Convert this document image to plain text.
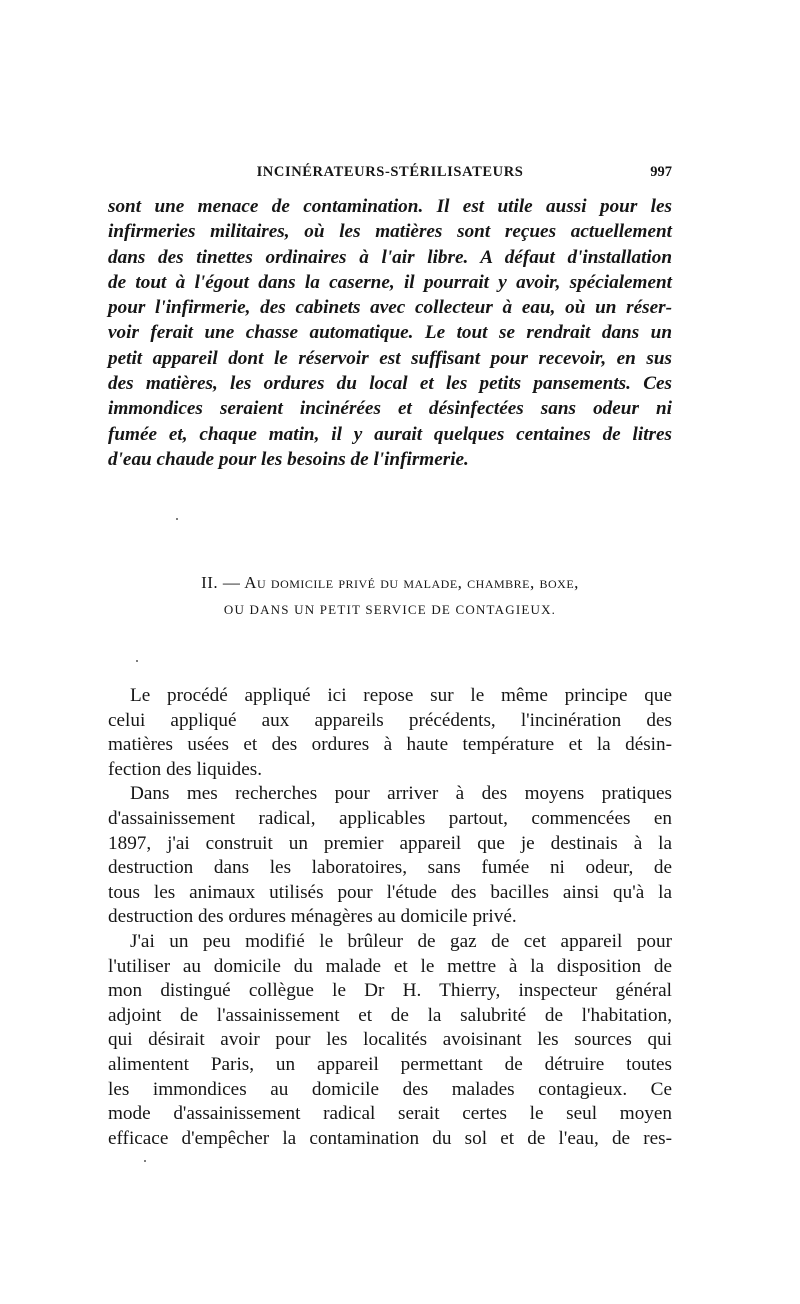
INCINÉRATEURS-STÉRILISATEURS	997

sont une menace de contamination. Il est utile aussi pour les
infirmeries militaires, où les matières sont reçues actuellement
dans des tinettes ordinaires à l'air libre. A défaut d'installation
de tout à l'égout dans la caserne, il pourrait y avoir, spécialement
pour l'infirmerie, des cabinets avec collecteur à eau, où un réser-
voir ferait une chasse automatique. Le tout se rendrait dans un
petit appareil dont le réservoir est suffisant pour recevoir, en sus
des matières, les ordures du local et les petits pansements. Ces
immondices seraient incinérées et désinfectées sans odeur ni
fumée et, chaque matin, il y aurait quelques centaines de litres
d'eau chaude pour les besoins de l'infirmerie.

II. — Au domicile privé du malade, chambre, boxe,
OU DANS UN PETIT SERVICE DE CONTAGIEUX.
Le procédé appliqué ici repose sur le même principe que
celui appliqué aux appareils précédents, l'incinération des
matières usées et des ordures à haute température et la désin-
fection des liquides.
Dans mes recherches pour arriver à des moyens pratiques
d'assainissement radical, applicables partout, commencées en
1897, j'ai construit un premier appareil que je destinais à la
destruction dans les laboratoires, sans fumée ni odeur, de
tous les animaux utilisés pour l'étude des bacilles ainsi qu'à la
destruction des ordures ménagères au domicile privé.
J'ai un peu modifié le brûleur de gaz de cet appareil pour
l'utiliser au domicile du malade et le mettre à la disposition de
mon distingué collègue le Dr H. Thierry, inspecteur général
adjoint de l'assainissement et de la salubrité de l'habitation,
qui désirait avoir pour les localités avoisinant les sources qui
alimentent Paris, un appareil permettant de détruire toutes
les immondices au domicile des malades contagieux. Ce
mode d'assainissement radical serait certes le seul moyen
efficace d'empêcher la contamination du sol et de l'eau, de res-
